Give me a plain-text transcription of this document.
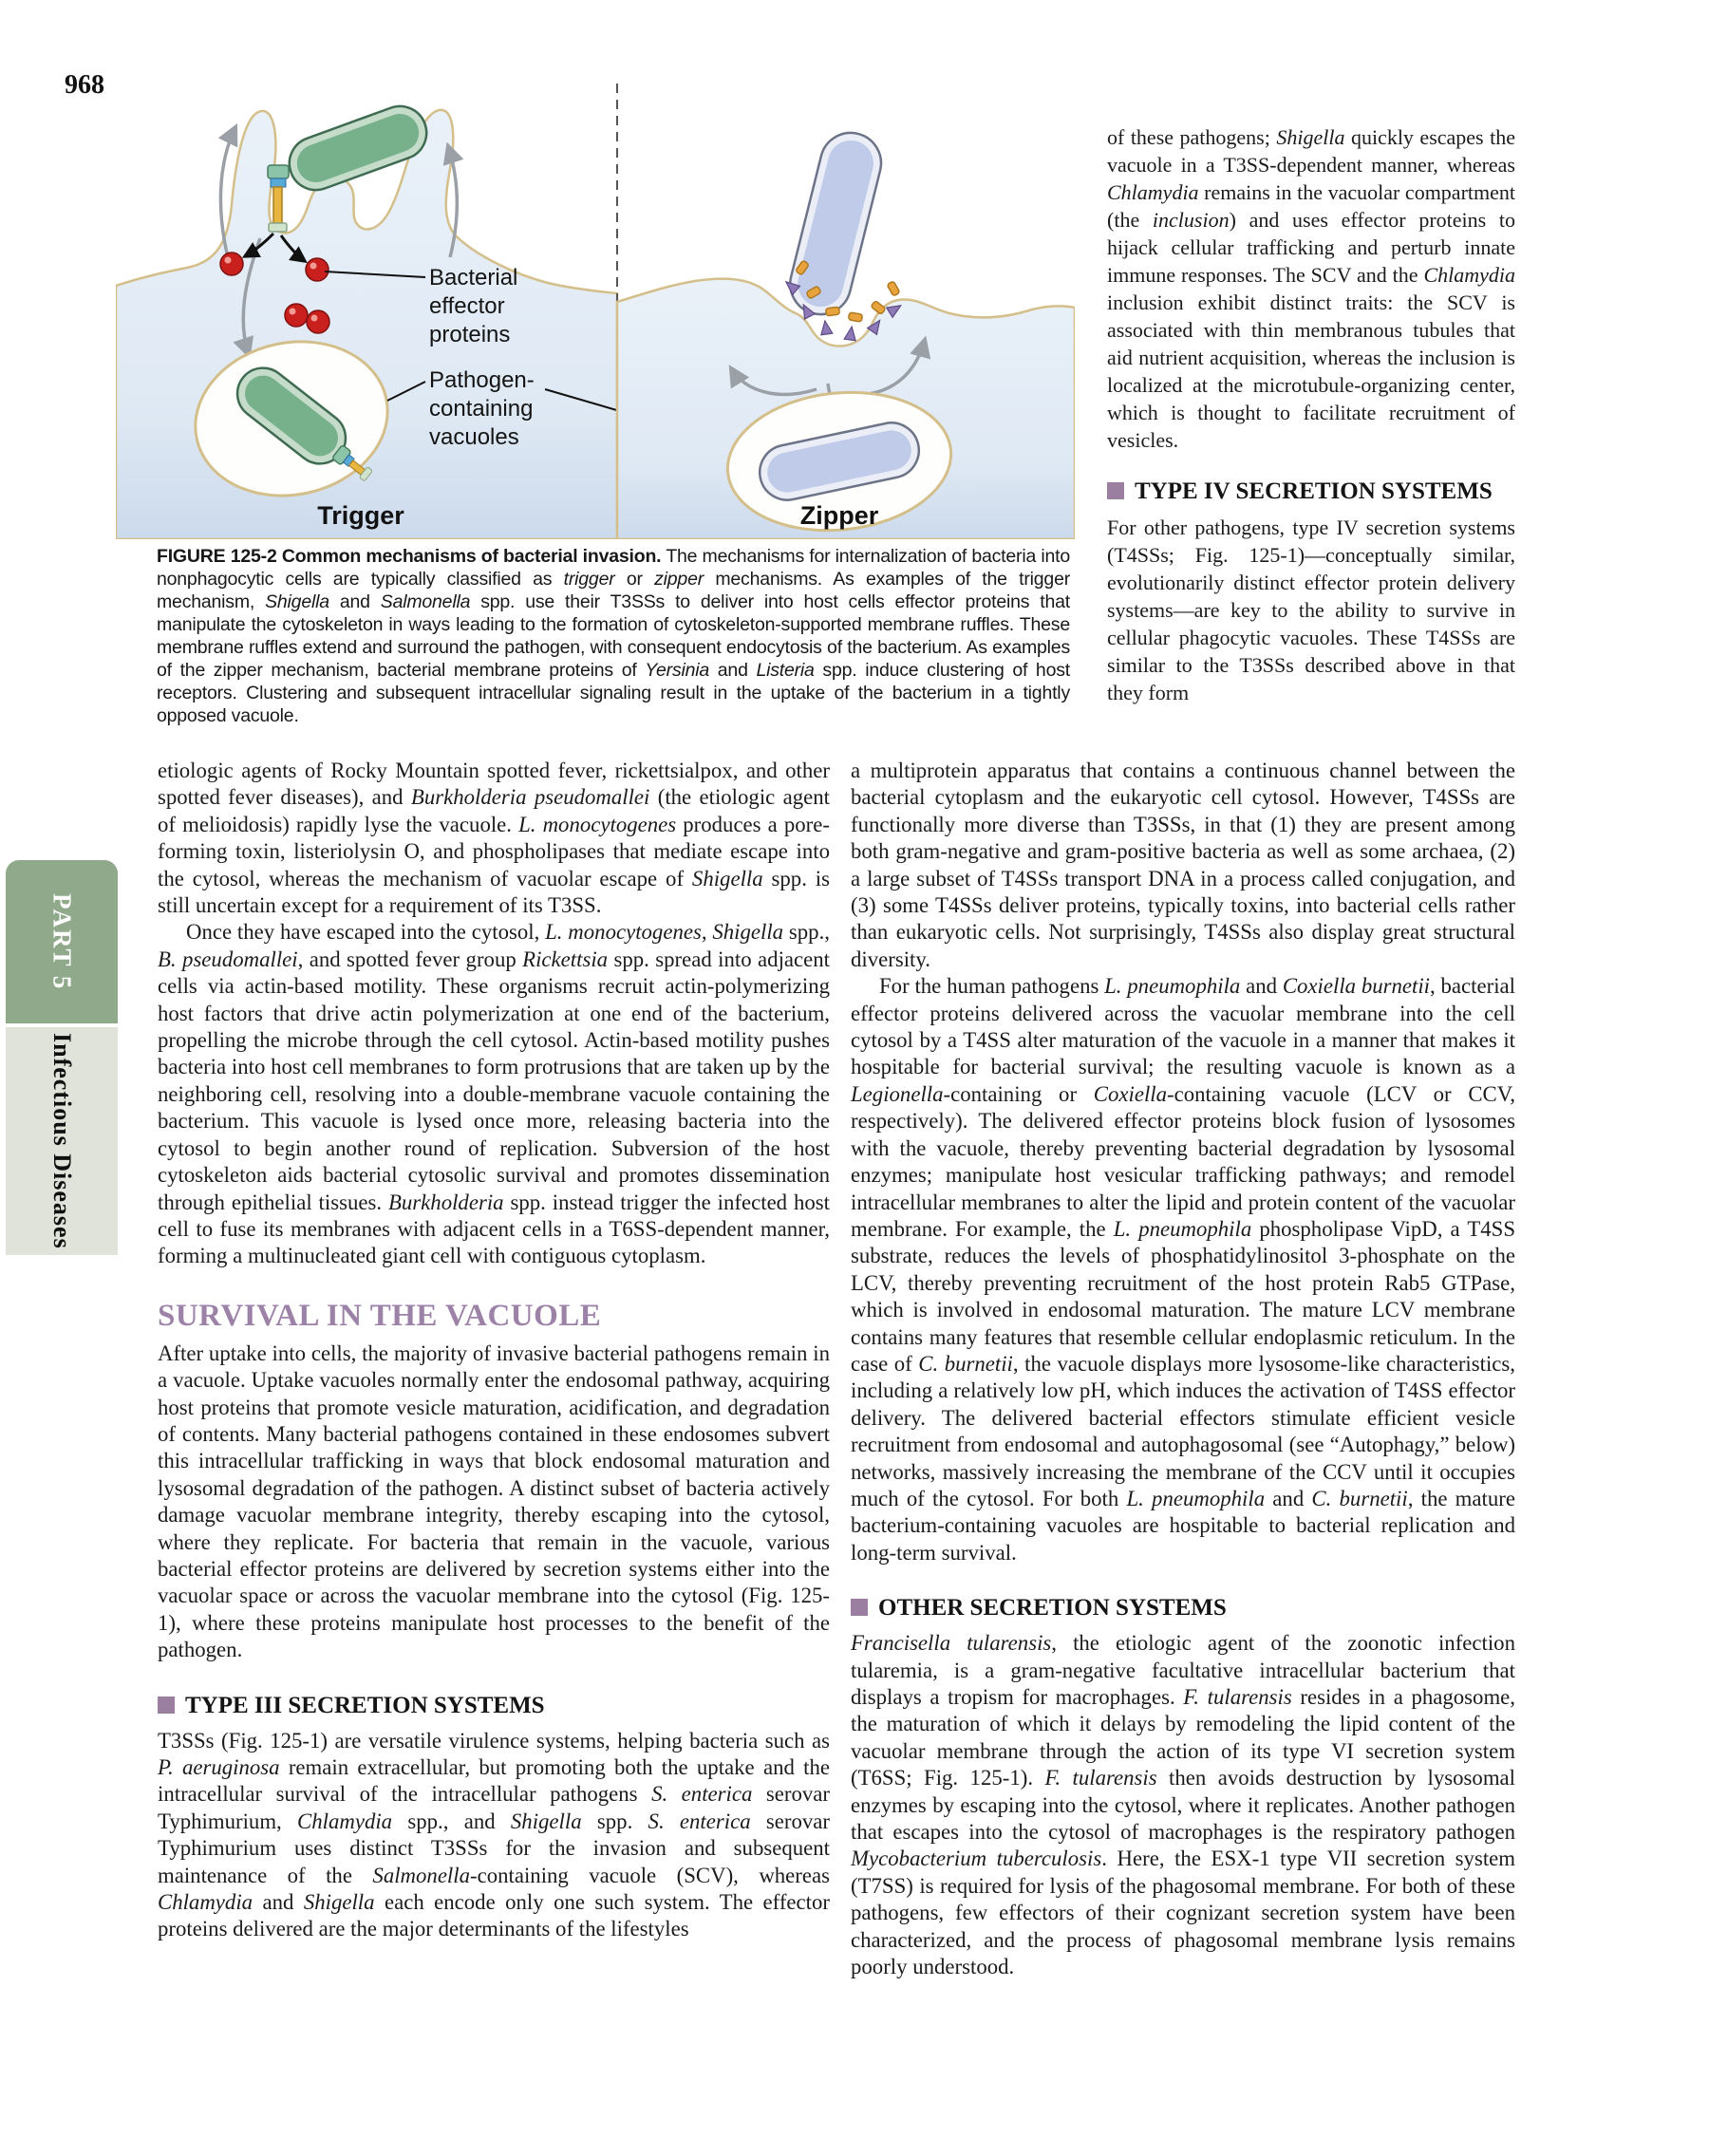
968
PART 5
Infectious Diseases
Bacterial effector proteins
Pathogen- containing vacuoles
Trigger	Zipper

FIGURE 125-2 Common mechanisms of bacterial invasion. The mechanisms for internalization of bacteria into nonphagocytic cells are typically classified as trigger or zipper mechanisms. As examples of the trigger mechanism, Shigella and Salmonella spp. use their T3SSs to deliver into host cells effector proteins that manipulate the cytoskeleton in ways leading to the formation of cytoskeleton-supported membrane ruffles. These membrane ruffles extend and surround the pathogen, with consequent endocytosis of the bacterium. As examples of the zipper mechanism, bacterial membrane proteins of Yersinia and Listeria spp. induce clustering of host receptors. Clustering and subsequent intracellular signaling result in the uptake of the bacterium in a tightly opposed vacuole.

of these pathogens; Shigella quickly escapes the vacuole in a T3SS-dependent manner, whereas Chlamydia remains in the vacuolar compartment (the inclusion) and uses effector proteins to hijack cellular trafficking and perturb innate immune responses. The SCV and the Chlamydia inclusion exhibit distinct traits: the SCV is associated with thin membranous tubules that aid nutrient acquisition, whereas the inclusion is localized at the microtubule-organizing center, which is thought to facilitate recruitment of vesicles.

TYPE IV SECRETION SYSTEMS

For other pathogens, type IV secretion systems (T4SSs; Fig. 125-1)—conceptually similar, evolutionarily distinct effector protein delivery systems—are key to the ability to survive in cellular phagocytic vacuoles. These T4SSs are similar to the T3SSs described above in that they form

etiologic agents of Rocky Mountain spotted fever, rickettsialpox, and other spotted fever diseases), and Burkholderia pseudomallei (the etiologic agent of melioidosis) rapidly lyse the vacuole. L. monocytogenes produces a pore-forming toxin, listeriolysin O, and phospholipases that mediate escape into the cytosol, whereas the mechanism of vacuolar escape of Shigella spp. is still uncertain except for a requirement of its T3SS.

Once they have escaped into the cytosol, L. monocytogenes, Shigella spp., B. pseudomallei, and spotted fever group Rickettsia spp. spread into adjacent cells via actin-based motility. These organisms recruit actin-polymerizing host factors that drive actin polymerization at one end of the bacterium, propelling the microbe through the cell cytosol. Actin-based motility pushes bacteria into host cell membranes to form protrusions that are taken up by the neighboring cell, resolving into a double-membrane vacuole containing the bacterium. This vacuole is lysed once more, releasing bacteria into the cytosol to begin another round of replication. Subversion of the host cytoskeleton aids bacterial cytosolic survival and promotes dissemination through epithelial tissues. Burkholderia spp. instead trigger the infected host cell to fuse its membranes with adjacent cells in a T6SS-dependent manner, forming a multinucleated giant cell with contiguous cytoplasm.

SURVIVAL IN THE VACUOLE

After uptake into cells, the majority of invasive bacterial pathogens remain in a vacuole. Uptake vacuoles normally enter the endosomal pathway, acquiring host proteins that promote vesicle maturation, acidification, and degradation of contents. Many bacterial pathogens contained in these endosomes subvert this intracellular trafficking in ways that block endosomal maturation and lysosomal degradation of the pathogen. A distinct subset of bacteria actively damage vacuolar membrane integrity, thereby escaping into the cytosol, where they replicate. For bacteria that remain in the vacuole, various bacterial effector proteins are delivered by secretion systems either into the vacuolar space or across the vacuolar membrane into the cytosol (Fig. 125-1), where these proteins manipulate host processes to the benefit of the pathogen.

TYPE III SECRETION SYSTEMS

T3SSs (Fig. 125-1) are versatile virulence systems, helping bacteria such as P. aeruginosa remain extracellular, but promoting both the uptake and the intracellular survival of the intracellular pathogens S. enterica serovar Typhimurium, Chlamydia spp., and Shigella spp. S. enterica serovar Typhimurium uses distinct T3SSs for the invasion and subsequent maintenance of the Salmonella-containing vacuole (SCV), whereas Chlamydia and Shigella each encode only one such system. The effector proteins delivered are the major determinants of the lifestyles

a multiprotein apparatus that contains a continuous channel between the bacterial cytoplasm and the eukaryotic cell cytosol. However, T4SSs are functionally more diverse than T3SSs, in that (1) they are present among both gram-negative and gram-positive bacteria as well as some archaea, (2) a large subset of T4SSs transport DNA in a process called conjugation, and (3) some T4SSs deliver proteins, typically toxins, into bacterial cells rather than eukaryotic cells. Not surprisingly, T4SSs also display great structural diversity.

For the human pathogens L. pneumophila and Coxiella burnetii, bacterial effector proteins delivered across the vacuolar membrane into the cell cytosol by a T4SS alter maturation of the vacuole in a manner that makes it hospitable for bacterial survival; the resulting vacuole is known as a Legionella-containing or Coxiella-containing vacuole (LCV or CCV, respectively). The delivered effector proteins block fusion of lysosomes with the vacuole, thereby preventing bacterial degradation by lysosomal enzymes; manipulate host vesicular trafficking pathways; and remodel intracellular membranes to alter the lipid and protein content of the vacuolar membrane. For example, the L. pneumophila phospholipase VipD, a T4SS substrate, reduces the levels of phosphatidylinositol 3-phosphate on the LCV, thereby preventing recruitment of the host protein Rab5 GTPase, which is involved in endosomal maturation. The mature LCV membrane contains many features that resemble cellular endoplasmic reticulum. In the case of C. burnetii, the vacuole displays more lysosome-like characteristics, including a relatively low pH, which induces the activation of T4SS effector delivery. The delivered bacterial effectors stimulate efficient vesicle recruitment from endosomal and autophagosomal (see “Autophagy,” below) networks, massively increasing the membrane of the CCV until it occupies much of the cytosol. For both L. pneumophila and C. burnetii, the mature bacterium-containing vacuoles are hospitable to bacterial replication and long-term survival.

OTHER SECRETION SYSTEMS

Francisella tularensis, the etiologic agent of the zoonotic infection tularemia, is a gram-negative facultative intracellular bacterium that displays a tropism for macrophages. F. tularensis resides in a phagosome, the maturation of which it delays by remodeling the lipid content of the vacuolar membrane through the action of its type VI secretion system (T6SS; Fig. 125-1). F. tularensis then avoids destruction by lysosomal enzymes by escaping into the cytosol, where it replicates. Another pathogen that escapes into the cytosol of macrophages is the respiratory pathogen Mycobacterium tuberculosis. Here, the ESX-1 type VII secretion system (T7SS) is required for lysis of the phagosomal membrane. For both of these pathogens, few effectors of their cognizant secretion system have been characterized, and the process of phagosomal membrane lysis remains poorly understood.
